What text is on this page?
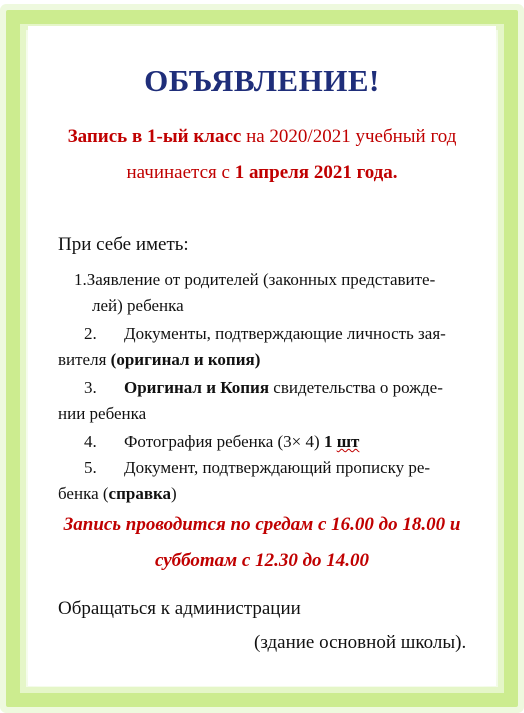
ОБЪЯВЛЕНИЕ!
Запись в 1-ый класс на 2020/2021 учебный год
начинается с 1 апреля 2021 года.
При себе иметь:
1.Заявление от родителей (законных представите-
лей) ребенка
2. Документы, подтверждающие личность зая-
вителя (оригинал и копия)
3. Оригинал и Копия свидетельства о рожде-
нии ребенка
4. Фотография ребенка (3× 4) 1 шт
5. Документ, подтверждающий прописку ре-
бенка (справка)
Запись проводится по средам с 16.00 до 18.00 и
субботам с 12.30 до 14.00
Обращаться к администрации
(здание основной школы).
